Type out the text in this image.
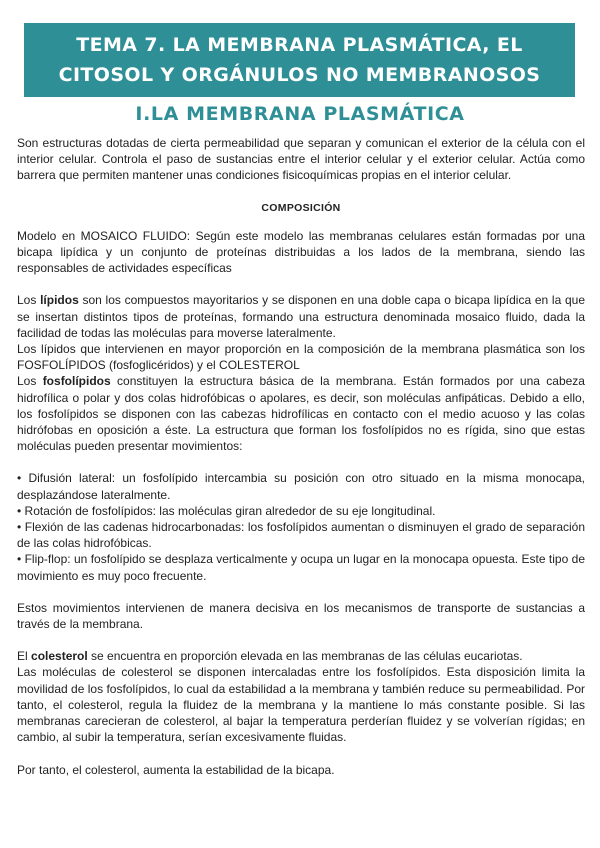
TEMA 7. LA MEMBRANA PLASMÁTICA, EL
CITOSOL Y ORGÁNULOS NO MEMBRANOSOS
I.LA MEMBRANA PLASMÁTICA

Son estructuras dotadas de cierta permeabilidad que separan y comunican el exterior de la célula con el interior celular. Controla el paso de sustancias entre el interior celular y el exterior celular. Actúa como barrera que permiten mantener unas condiciones fisicoquímicas propias en el interior celular.

COMPOSICIÓN

Modelo en MOSAICO FLUIDO: Según este modelo las membranas celulares están formadas por una bicapa lipídica y un conjunto de proteínas distribuidas a los lados de la membrana, siendo las responsables de actividades específicas

Los lípidos son los compuestos mayoritarios y se disponen en una doble capa o bicapa lipídica en la que se insertan distintos tipos de proteínas, formando una estructura denominada mosaico fluido, dada la facilidad de todas las moléculas para moverse lateralmente.

Los lípidos que intervienen en mayor proporción en la composición de la membrana plasmática son los FOSFOLÍPIDOS (fosfoglicéridos) y el COLESTEROL

Los fosfolípidos constituyen la estructura básica de la membrana. Están formados por una cabeza hidrofílica o polar y dos colas hidrofóbicas o apolares, es decir, son moléculas anfipáticas. Debido a ello, los fosfolípidos se disponen con las cabezas hidrofílicas en contacto con el medio acuoso y las colas hidrófobas en oposición a éste. La estructura que forman los fosfolípidos no es rígida, sino que estas moléculas pueden presentar movimientos:

• Difusión lateral: un fosfolípido intercambia su posición con otro situado en la misma monocapa, desplazándose lateralmente.

• Rotación de fosfolípidos: las moléculas giran alrededor de su eje longitudinal.

• Flexión de las cadenas hidrocarbonadas: los fosfolípidos aumentan o disminuyen el grado de separación de las colas hidrofóbicas.

• Flip-flop: un fosfolípido se desplaza verticalmente y ocupa un lugar en la monocapa opuesta. Este tipo de movimiento es muy poco frecuente.

Estos movimientos intervienen de manera decisiva en los mecanismos de transporte de sustancias a través de la membrana.

El colesterol se encuentra en proporción elevada en las membranas de las células eucariotas.

Las moléculas de colesterol se disponen intercaladas entre los fosfolípidos. Esta disposición limita la movilidad de los fosfolípidos, lo cual da estabilidad a la membrana y también reduce su permeabilidad. Por tanto, el colesterol, regula la fluidez de la membrana y la mantiene lo más constante posible. Si las membranas carecieran de colesterol, al bajar la temperatura perderían fluidez y se volverían rígidas; en cambio, al subir la temperatura, serían excesivamente fluidas.

Por tanto, el colesterol, aumenta la estabilidad de la bicapa.
